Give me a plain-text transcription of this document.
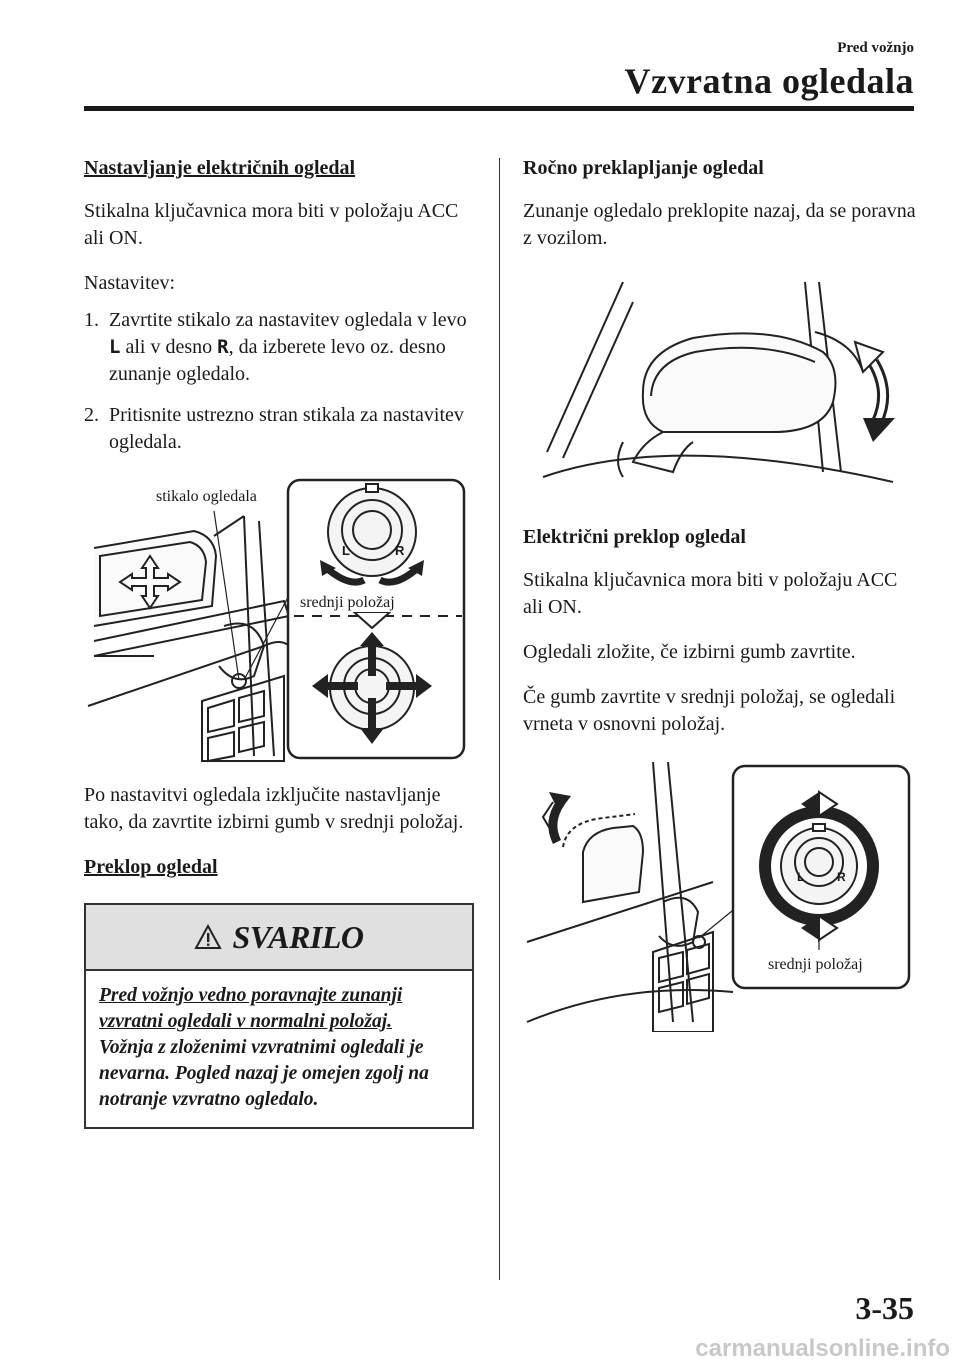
Pred vožnjo
Vzvratna ogledala
Nastavljanje električnih ogledal

Stikalna ključavnica mora biti v položaju ACC ali ON.

Nastavitev:

1. Zavrtite stikalo za nastavitev ogledala v levo L ali v desno R, da izberete levo oz. desno zunanje ogledalo.
2. Pritisnite ustrezno stran stikala za nastavitev ogledala.
stikalo ogledala
srednji položaj
L	R

Po nastavitvi ogledala izključite nastavljanje tako, da zavrtite izbirni gumb v srednji položaj.

Preklop ogledal
SVARILO
Pred vožnjo vedno poravnajte zunanji
vzvratni ogledali v normalni položaj.
Vožnja z zloženimi vzvratnimi ogledali je nevarna. Pogled nazaj je omejen zgolj na notranje vzvratno ogledalo.
Ročno preklapljanje ogledal

Zunanje ogledalo preklopite nazaj, da se poravna z vozilom.

Električni preklop ogledal

Stikalna ključavnica mora biti v položaju ACC ali ON.

Ogledali zložite, če izbirni gumb zavrtite.

Če gumb zavrtite v srednji položaj, se ogledali vrneta v osnovni položaj.

srednji položaj
L	R
3-35
carmanualsonline.info
